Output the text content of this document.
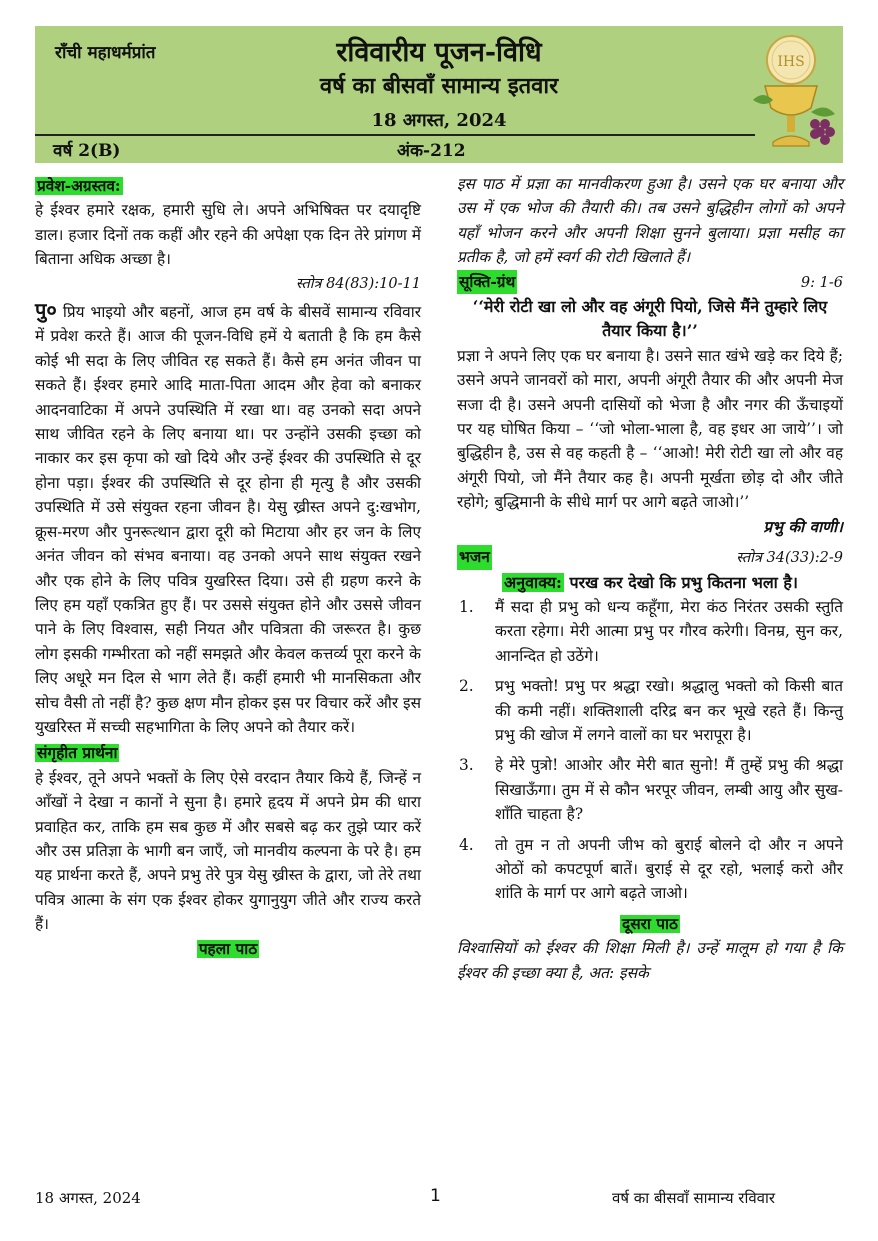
राँची महाधर्मप्रांत	रविवारीय पूजन-विधि
वर्ष का बीसवाँ सामान्य इतवार
18 अगस्त, 2024
वर्ष 2(B)	अंक-212
IHS
प्रवेश-अग्रस्तव:
हे ईश्वर हमारे रक्षक, हमारी सुधि ले। अपने अभिषिक्त पर दयादृष्टि डाल। हजार दिनों तक कहीं और रहने की अपेक्षा एक दिन तेरे प्रांगण में बिताना अधिक अच्छा है।
स्तोत्र 84(83):10-11
पु० प्रिय भाइयो और बहनों, आज हम वर्ष के बीसवें सामान्य रविवार में प्रवेश करते हैं। आज की पूजन-विधि हमें ये बताती है कि हम कैसे कोई भी सदा के लिए जीवित रह सकते हैं। कैसे हम अनंत जीवन पा सकते हैं। ईश्वर हमारे आदि माता-पिता आदम और हेवा को बनाकर आदनवाटिका में अपने उपस्थिति में रखा था। वह उनको सदा अपने साथ जीवित रहने के लिए बनाया था। पर उन्होंने उसकी इच्छा को नाकार कर इस कृपा को खो दिये और उन्हें ईश्वर की उपस्थिति से दूर होना पड़ा। ईश्वर की उपस्थिति से दूर होना ही मृत्यु है और उसकी उपस्थिति में उसे संयुक्त रहना जीवन है। येसु ख्रीस्त अपने दु:खभोग, क्रूस-मरण और पुनरूत्थान द्वारा दूरी को मिटाया और हर जन के लिए अनंत जीवन को संभव बनाया। वह उनको अपने साथ संयुक्त रखने और एक होने के लिए पवित्र युखरिस्त दिया। उसे ही ग्रहण करने के लिए हम यहाँ एकत्रित हुए हैं। पर उससे संयुक्त होने और उससे जीवन पाने के लिए विश्वास, सही नियत और पवित्रता की जरूरत है। कुछ लोग इसकी गम्भीरता को नहीं समझते और केवल कत्तर्व्य पूरा करने के लिए अधूरे मन दिल से भाग लेते हैं। कहीं हमारी भी मानसिकता और सोच वैसी तो नहीं है? कुछ क्षण मौन होकर इस पर विचार करें और इस युखरिस्त में सच्ची सहभागिता के लिए अपने को तैयार करें।
संगृहीत प्रार्थना
हे ईश्वर, तूने अपने भक्तों के लिए ऐसे वरदान तैयार किये हैं, जिन्हें न आँखों ने देखा न कानों ने सुना है। हमारे हृदय में अपने प्रेम की धारा प्रवाहित कर, ताकि हम सब कुछ में और सबसे बढ़ कर तुझे प्यार करें और उस प्रतिज्ञा के भागी बन जाएँ, जो मानवीय कल्पना के परे है। हम यह प्रार्थना करते हैं, अपने प्रभु तेरे पुत्र येसु ख्रीस्त के द्वारा, जो तेरे तथा पवित्र आत्मा के संग एक ईश्वर होकर युगानुयुग जीते और राज्य करते हैं।
पहला पाठ
इस पाठ में प्रज्ञा का मानवीकरण हुआ है। उसने एक घर बनाया और उस में एक भोज की तैयारी की। तब उसने बुद्धिहीन लोगों को अपने यहाँ भोजन करने और अपनी शिक्षा सुनने बुलाया। प्रज्ञा मसीह का प्रतीक है, जो हमें स्वर्ग की रोटी खिलाते हैं।
सूक्ति-ग्रंथ	9: 1-6
‘‘मेरी रोटी खा लो और वह अंगूरी पियो, जिसे मैंने तुम्हारे लिए तैयार किया है।’’
प्रज्ञा ने अपने लिए एक घर बनाया है। उसने सात खंभे खड़े कर दिये हैं; उसने अपने जानवरों को मारा, अपनी अंगूरी तैयार की और अपनी मेज सजा दी है। उसने अपनी दासियों को भेजा है और नगर की ऊँचाइयों पर यह घोषित किया – ‘‘जो भोला-भाला है, वह इधर आ जाये’’। जो बुद्धिहीन है, उस से वह कहती है – ‘‘आओ! मेरी रोटी खा लो और वह अंगूरी पियो, जो मैंने तैयार कह है। अपनी मूर्खता छोड़ दो और जीते रहोगे; बुद्धिमानी के सीधे मार्ग पर आगे बढ़ते जाओ।’’
प्रभु की वाणी।
भजन	स्तोत्र 34(33):2-9
अनुवाक्य: परख कर देखो कि प्रभु कितना भला है।
1.	मैं सदा ही प्रभु को धन्य कहूँगा, मेरा कंठ निरंतर उसकी स्तुति करता रहेगा। मेरी आत्मा प्रभु पर गौरव करेगी। विनम्र, सुन कर, आनन्दित हो उठेंगे।
2.	प्रभु भक्तो! प्रभु पर श्रद्धा रखो। श्रद्धालु भक्तो को किसी बात की कमी नहीं। शक्तिशाली दरिद्र बन कर भूखे रहते हैं। किन्तु प्रभु की खोज में लगने वालों का घर भरापूरा है।
3.	हे मेरे पुत्रो! आओर और मेरी बात सुनो! मैं तुम्हें प्रभु की श्रद्धा सिखाऊँगा। तुम में से कौन भरपूर जीवन, लम्बी आयु और सुख-शाँति चाहता है?
4.	तो तुम न तो अपनी जीभ को बुराई बोलने दो और न अपने ओठों को कपटपूर्ण बातें। बुराई से दूर रहो, भलाई करो और शांति के मार्ग पर आगे बढ़ते जाओ।
दूसरा पाठ
विश्वासियों को ईश्वर की शिक्षा मिली है। उन्हें मालूम हो गया है कि ईश्वर की इच्छा क्या है, अत: इसके
18 अगस्त, 2024	1	वर्ष का बीसवाँ सामान्य रविवार
